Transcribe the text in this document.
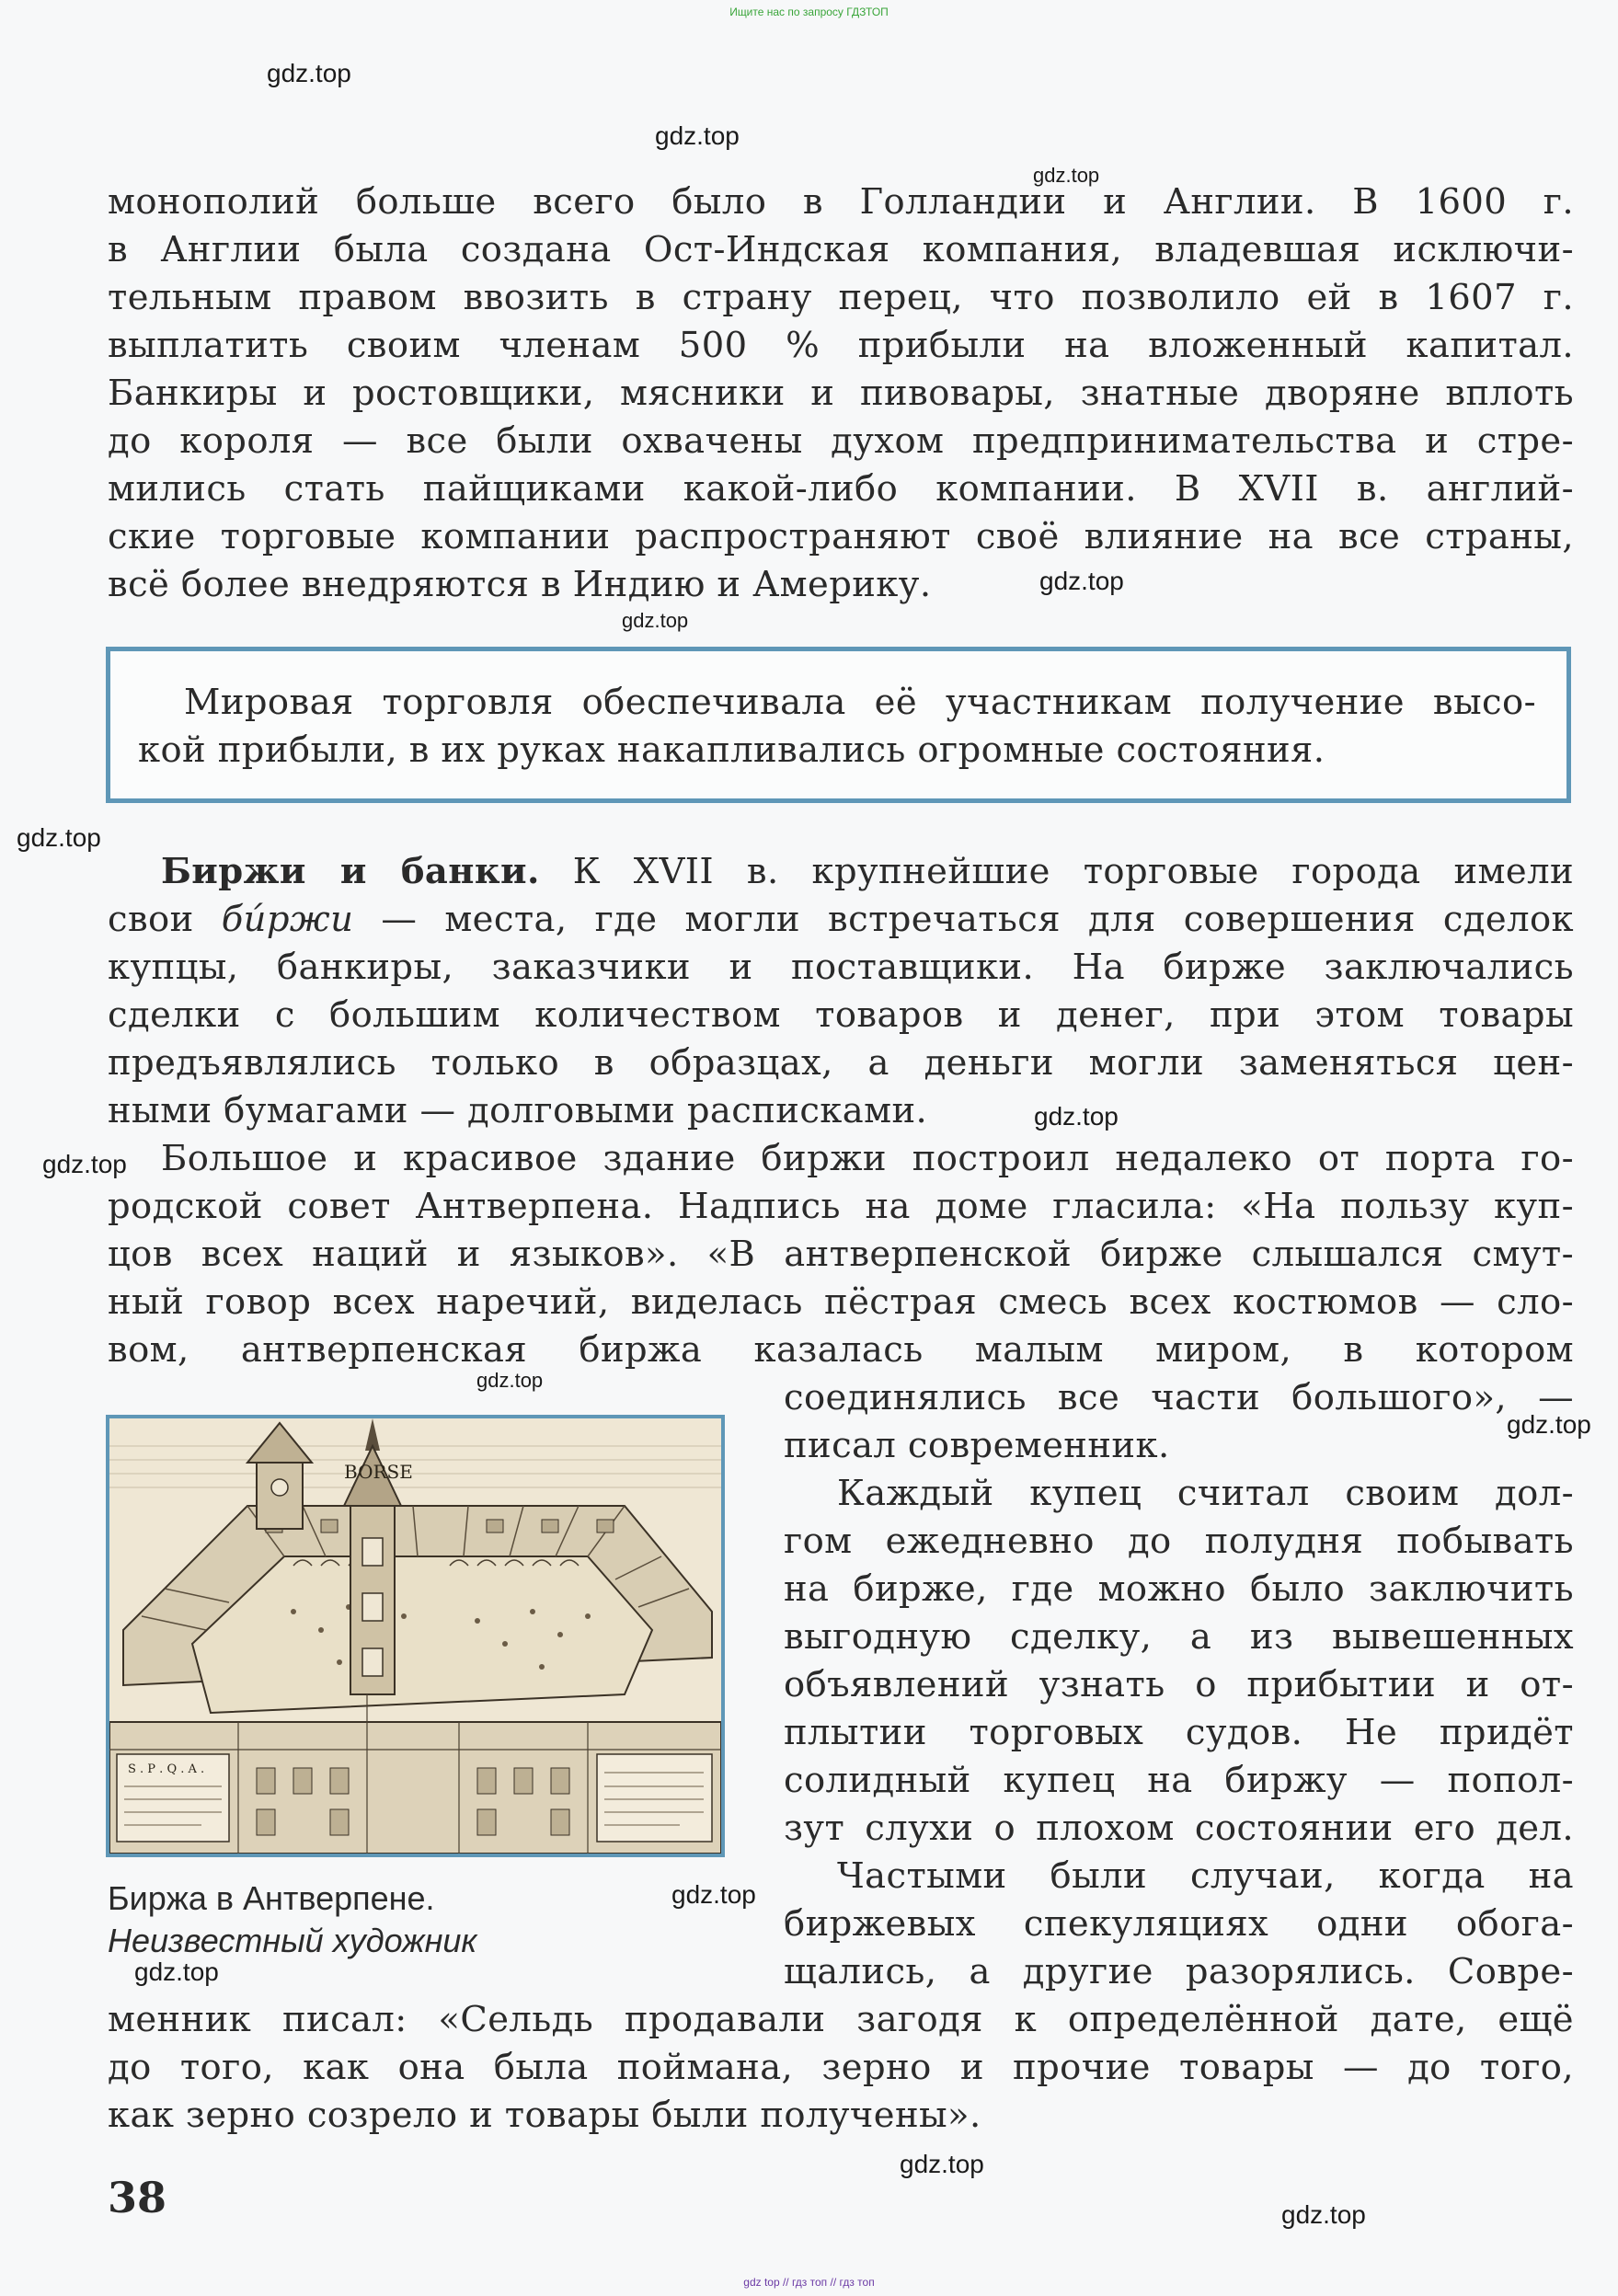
Ищите нас по запросу ГДЗТОП
gdz.top
gdz.top
gdz.top
gdz.top
gdz.top
gdz.top
gdz.top
gdz.top
gdz.top
gdz.top
gdz.top
gdz.top
gdz.top
gdz.top
монополий больше всего было в Голландии и Англии. В 1600 г.
в Англии была создана Ост-Индская компания, владевшая исключи-
тельным правом ввозить в страну перец, что позволило ей в 1607 г.
выплатить своим членам 500 % прибыли на вложенный капитал.
Банкиры и ростовщики, мясники и пивовары, знатные дворяне вплоть
до короля — все были охвачены духом предпринимательства и стре-
мились стать пайщиками какой-либо компании. В XVII в. англий-
ские торговые компании распространяют своё влияние на все страны,
всё более внедряются в Индию и Америку.
Мировая торговля обеспечивала её участникам получение высо-
кой прибыли, в их руках накапливались огромные состояния.
Биржи и банки. К XVII в. крупнейшие торговые города имели
свои би́ржи — места, где могли встречаться для совершения сделок
купцы, банкиры, заказчики и поставщики. На бирже заключались
сделки с большим количеством товаров и денег, при этом товары
предъявлялись только в образцах, а деньги могли заменяться цен-
ными бумагами — долговыми расписками.
Большое и красивое здание биржи построил недалеко от порта го-
родской совет Антверпена. Надпись на доме гласила: «На пользу куп-
цов всех наций и языков». «В антверпенской бирже слышался смут-
ный говор всех наречий, виделась пёстрая смесь всех костюмов — сло-
вом, антверпенская биржа казалась малым миром, в котором
соединялись все части большого», —
писал современник.
Каждый купец считал своим дол-
гом ежедневно до полудня побывать
на бирже, где можно было заключить
выгодную сделку, а из вывешенных
объявлений узнать о прибытии и от-
плытии торговых судов. Не придёт
солидный купец на биржу — попол-
зут слухи о плохом состоянии его дел.
Частыми были случаи, когда на
биржевых спекуляциях одни обога-
щались, а другие разорялись. Совре-
менник писал: «Сельдь продавали загодя к определённой дате, ещё
до того, как она была поймана, зерно и прочие товары — до того,
как зерно созрело и товары были получены».
BORSE
S . P . Q . A .
Биржа в Антверпене.
Неизвестный художник
38
gdz top // гдз топ // гдз топ
